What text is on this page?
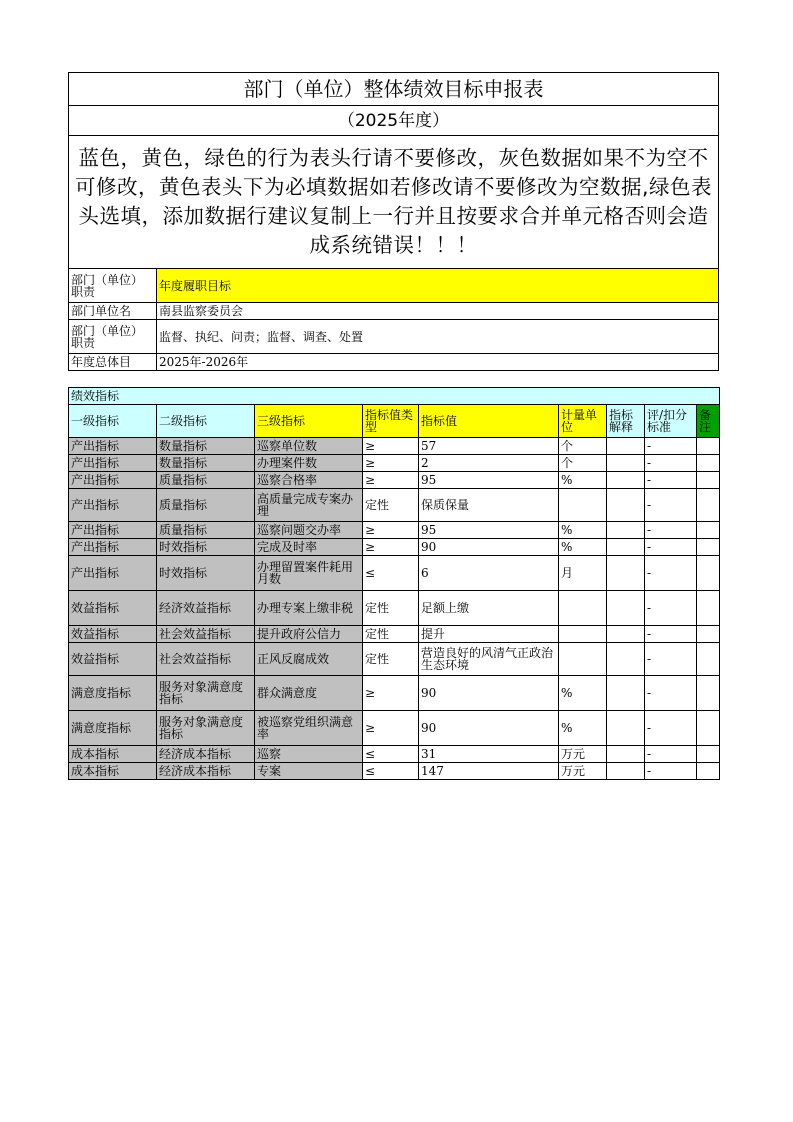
部门（单位）整体绩效目标申报表
（2025年度）
蓝色，黄色，绿色的行为表头行请不要修改，灰色数据如果不为空不可修改，黄色表头下为必填数据如若修改请不要修改为空数据,绿色表头选填，添加数据行建议复制上一行并且按要求合并单元格否则会造成系统错误！！！
部门（单位）职责	年度履职目标
部门单位名	南县监察委员会
部门（单位）职责	监督、执纪、问责；监督、调查、处置
年度总体目	2025年-2026年
绩效指标								
一级指标	二级指标	三级指标	指标值类型	指标值	计量单位	指标解释	评/扣分标准	备注
产出指标	数量指标	巡察单位数	≥	57	个		-	
产出指标	数量指标	办理案件数	≥	2	个		-	
产出指标	质量指标	巡察合格率	≥	95	%		-	
产出指标	质量指标	高质量完成专案办理	定性	保质保量			-	
产出指标	质量指标	巡察问题交办率	≥	95	%		-	
产出指标	时效指标	完成及时率	≥	90	%		-	
产出指标	时效指标	办理留置案件耗用月数	≤	6	月		-	
效益指标	经济效益指标	办理专案上缴非税	定性	足额上缴			-	
效益指标	社会效益指标	提升政府公信力	定性	提升			-	
效益指标	社会效益指标	正风反腐成效	定性	营造良好的风清气正政治生态环境			-	
满意度指标	服务对象满意度指标	群众满意度	≥	90	%		-	
满意度指标	服务对象满意度指标	被巡察党组织满意率	≥	90	%		-	
成本指标	经济成本指标	巡察	≤	31	万元		-	
成本指标	经济成本指标	专案	≤	147	万元		-	
